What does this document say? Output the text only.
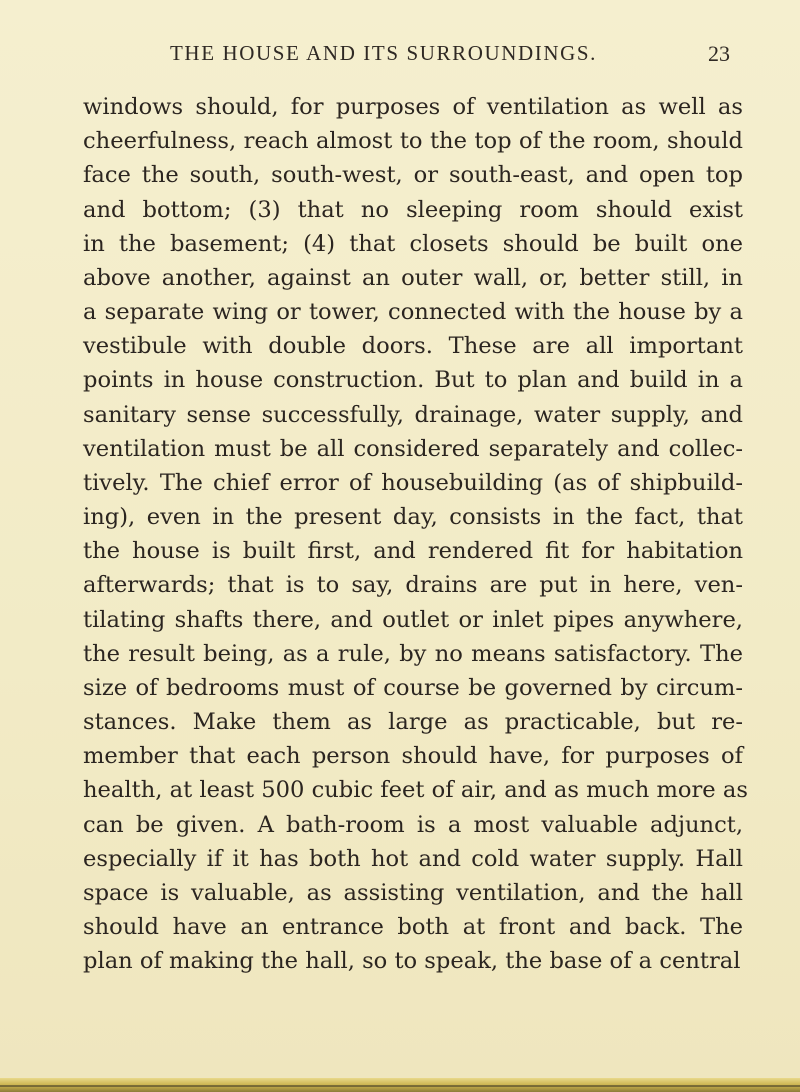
THE HOUSE AND ITS SURROUNDINGS.	23
windows should, for purposes of ventilation as well as
cheerfulness, reach almost to the top of the room, should
face the south, south-west, or south-east, and open top
and bottom; (3) that no sleeping room should exist
in the basement; (4) that closets should be built one
above another, against an outer wall, or, better still, in
a separate wing or tower, connected with the house by a
vestibule with double doors. These are all important
points in house construction. But to plan and build in a
sanitary sense successfully, drainage, water supply, and
ventilation must be all considered separately and collec-
tively. The chief error of housebuilding (as of shipbuild-
ing), even in the present day, consists in the fact, that
the house is built first, and rendered fit for habitation
afterwards; that is to say, drains are put in here, ven-
tilating shafts there, and outlet or inlet pipes anywhere,
the result being, as a rule, by no means satisfactory. The
size of bedrooms must of course be governed by circum-
stances. Make them as large as practicable, but re-
member that each person should have, for purposes of
health, at least 500 cubic feet of air, and as much more as
can be given. A bath-room is a most valuable adjunct,
especially if it has both hot and cold water supply. Hall
space is valuable, as assisting ventilation, and the hall
should have an entrance both at front and back. The
plan of making the hall, so to speak, the base of a central
